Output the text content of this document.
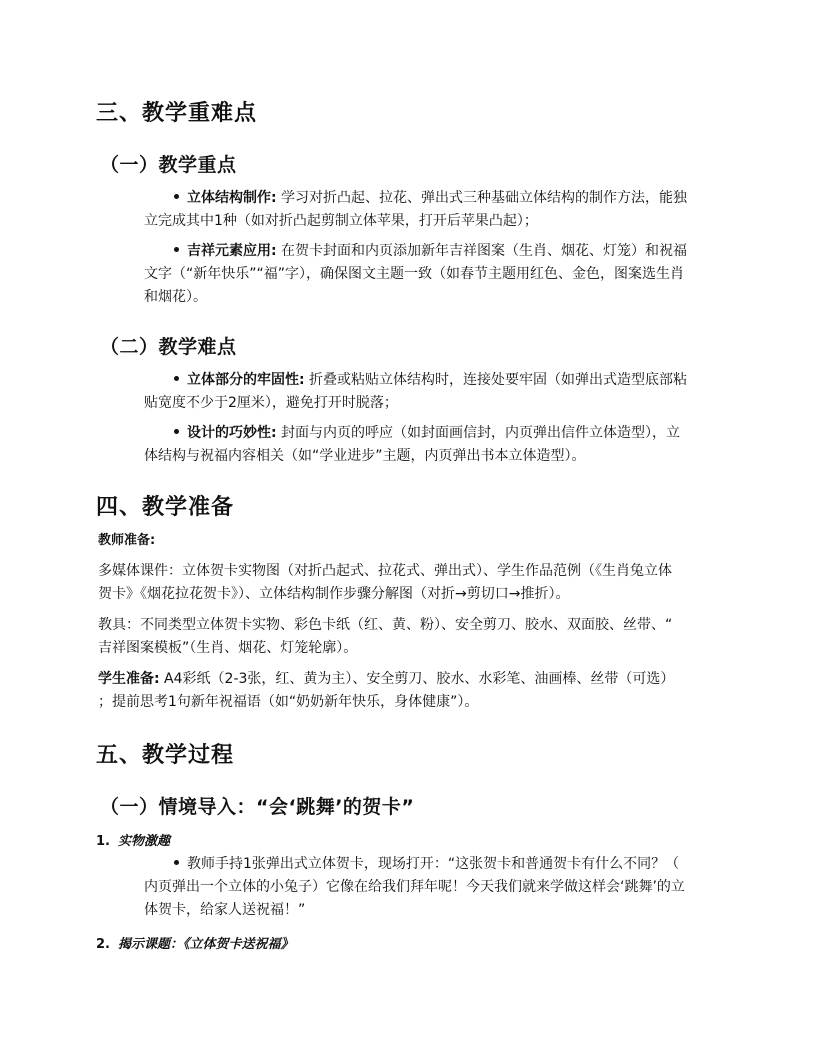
三、教学重难点
（一）教学重点
立体结构制作: 学习对折凸起、拉花、弹出式三种基础立体结构的制作方法，能独
立完成其中1种（如对折凸起剪制立体苹果，打开后苹果凸起）；
吉祥元素应用: 在贺卡封面和内页添加新年吉祥图案（生肖、烟花、灯笼）和祝福
文字（“新年快乐”“福”字），确保图文主题一致（如春节主题用红色、金色，图案选生肖
和烟花）。
（二）教学难点
立体部分的牢固性: 折叠或粘贴立体结构时，连接处要牢固（如弹出式造型底部粘
贴宽度不少于2厘米），避免打开时脱落；
设计的巧妙性: 封面与内页的呼应（如封面画信封，内页弹出信件立体造型），立
体结构与祝福内容相关（如“学业进步”主题，内页弹出书本立体造型）。
四、教学准备
教师准备:
多媒体课件：立体贺卡实物图（对折凸起式、拉花式、弹出式）、学生作品范例（《生肖兔立体
贺卡》《烟花拉花贺卡》）、立体结构制作步骤分解图（对折→剪切口→推折）。
教具：不同类型立体贺卡实物、彩色卡纸（红、黄、粉）、安全剪刀、胶水、双面胶、丝带、“
吉祥图案模板”（生肖、烟花、灯笼轮廓）。
学生准备: A4彩纸（2-3张，红、黄为主）、安全剪刀、胶水、水彩笔、油画棒、丝带（可选）
；提前思考1句新年祝福语（如“奶奶新年快乐，身体健康”）。
五、教学过程
（一）情境导入：“会‘跳舞’的贺卡”
1. 实物激趣
教师手持1张弹出式立体贺卡，现场打开：“这张贺卡和普通贺卡有什么不同？（
内页弹出一个立体的小兔子）它像在给我们拜年呢！今天我们就来学做这样会‘跳舞’的立
体贺卡，给家人送祝福！”
2. 揭示课题：《立体贺卡送祝福》
